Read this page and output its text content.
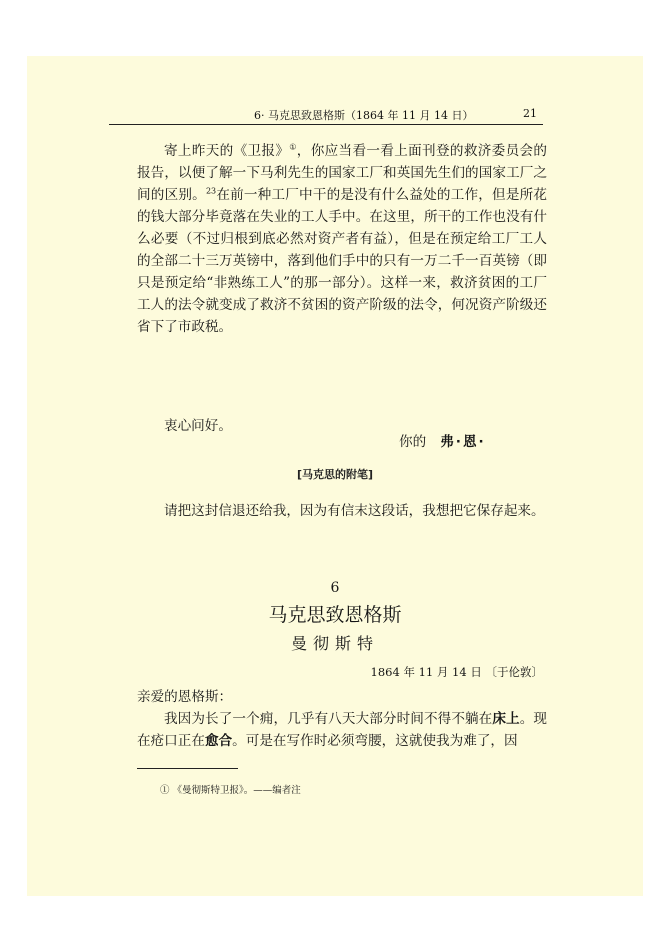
6· 马克思致恩格斯（1864 年 11 月 14 日）	21

寄上昨天的《卫报》①，你应当看一看上面刊登的救济委员会的报告，以便了解一下马利先生的国家工厂和英国先生们的国家工厂之间的区别。$^{23}$在前一种工厂中干的是没有什么益处的工作，但是所花的钱大部分毕竟落在失业的工人手中。在这里，所干的工作也没有什么必要（不过归根到底必然对资产者有益），但是在预定给工厂工人的全部二十三万英镑中，落到他们手中的只有一万二千一百英镑（即只是预定给“非熟练工人”的那一部分）。这样一来，救济贫困的工厂工人的法令就变成了救济不贫困的资产阶级的法令，何况资产阶级还省下了市政税。

衷心问好。
你的 弗·恩·
[马克思的附笔]

请把这封信退还给我，因为有信末这段话，我想把它保存起来。

6
马克思致恩格斯
曼彻斯特
1864 年 11 月 14 日 〔于伦敦〕
亲爱的恩格斯：

我因为长了一个痈，几乎有八天大部分时间不得不躺在床上。现在疮口正在愈合。可是在写作时必须弯腰，这就使我为难了，因

① 《曼彻斯特卫报》。——编者注
